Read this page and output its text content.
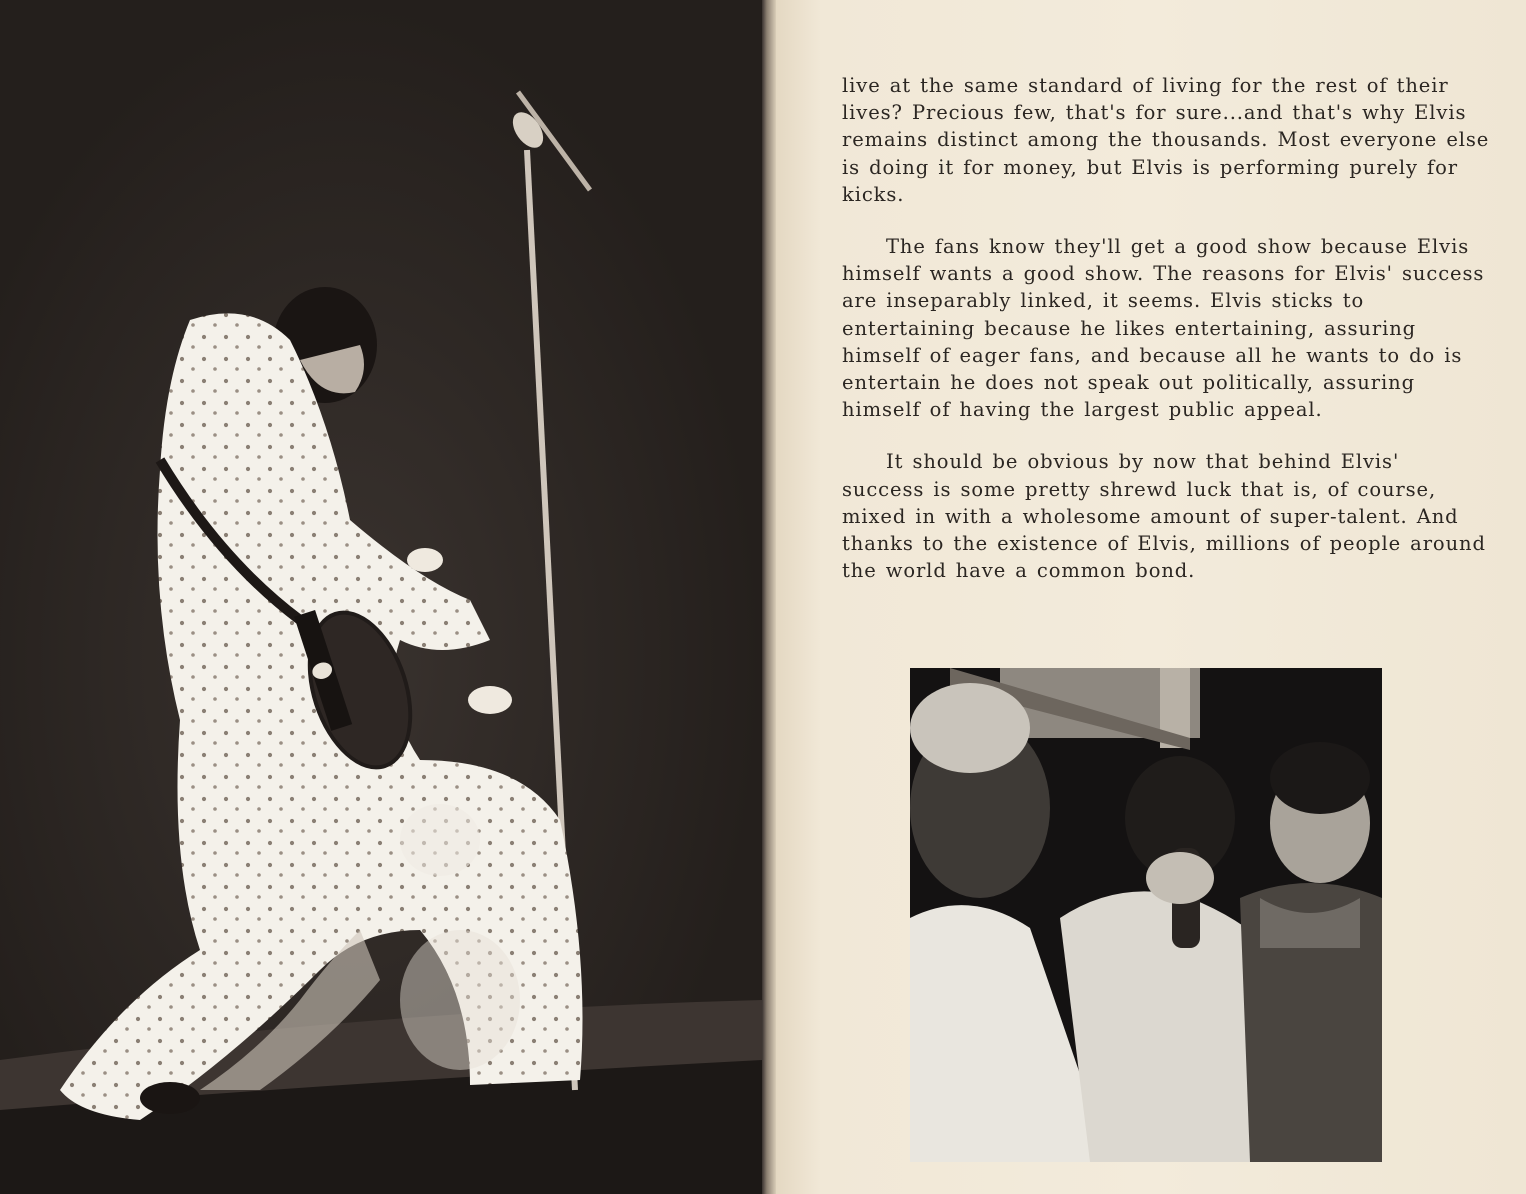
live at the same standard of living for the rest of their lives? Precious few, that's for sure...and that's why Elvis remains distinct among the thousands. Most everyone else is doing it for money, but Elvis is performing purely for kicks.

The fans know they'll get a good show because Elvis himself wants a good show. The reasons for Elvis' success are inseparably linked, it seems. Elvis sticks to entertaining because he likes entertaining, assuring himself of eager fans, and because all he wants to do is entertain he does not speak out politically, assuring himself of having the largest public appeal.

It should be obvious by now that behind Elvis' success is some pretty shrewd luck that is, of course, mixed in with a wholesome amount of super-talent. And thanks to the existence of Elvis, millions of people around the world have a common bond.
